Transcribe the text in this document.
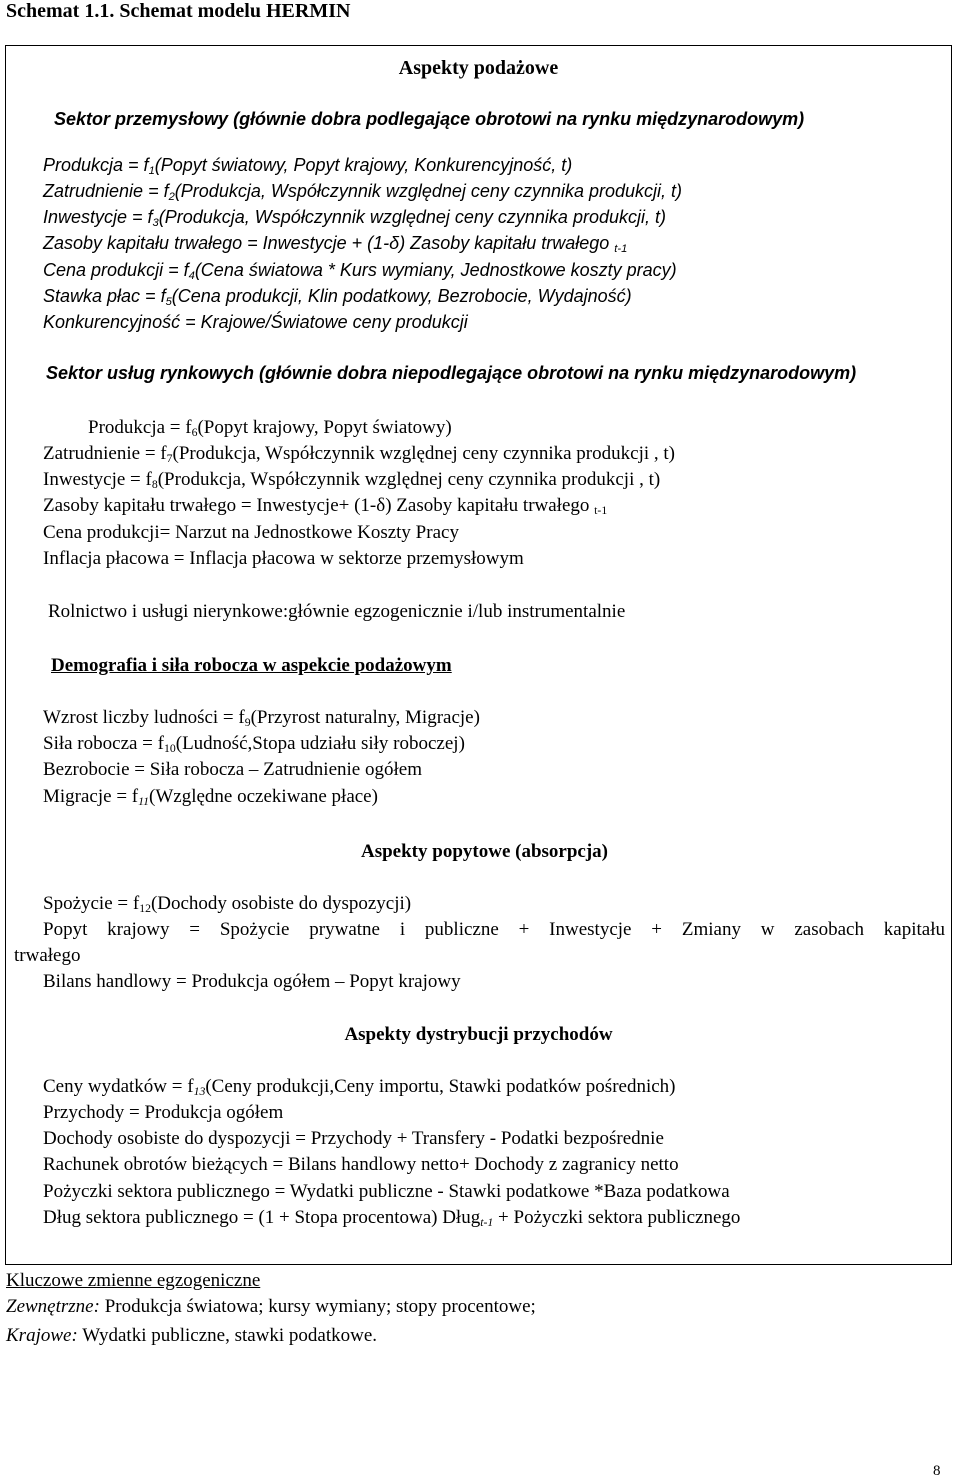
Schemat 1.1. Schemat modelu HERMIN
Aspekty podażowe
Sektor przemysłowy (głównie dobra podlegające obrotowi na rynku międzynarodowym)
Produkcja = $f_1(Popyt$ światowy, Popyt krajowy, Konkurencyjność, t)
Zatrudnienie = $f_2(Produkcja$, Współczynnik względnej ceny czynnika produkcji, t)
Inwestycje = $f_3(Produkcja$, Współczynnik względnej ceny czynnika produkcji, t)
Zasoby kapitału trwałego = Inwestycje + (1-δ) Zasoby kapitału trwałego $_{t-1}$
Cena produkcji = $f_4(Cena$ światowa * Kurs wymiany, Jednostkowe koszty pracy)
Stawka płac = $f_5(Cena$ produkcji, Klin podatkowy, Bezrobocie, Wydajność)
Konkurencyjność = Krajowe/Światowe ceny produkcji
Sektor usług rynkowych (głównie dobra niepodlegające obrotowi na rynku międzynarodowym)
Produkcja = $f_6(Popyt$ krajowy, Popyt światowy)
Zatrudnienie = $f_7(Produkcja$, Współczynnik względnej ceny czynnika produkcji , t)
Inwestycje = $f_8(Produkcja$, Współczynnik względnej ceny czynnika produkcji , t)
Zasoby kapitału trwałego = Inwestycje+ (1-δ) Zasoby kapitału trwałego $_{t-1}$
Cena produkcji= Narzut na Jednostkowe Koszty Pracy
Inflacja płacowa = Inflacja płacowa w sektorze przemysłowym
Rolnictwo i usługi nierynkowe:głównie egzogenicznie i/lub instrumentalnie
Demografia i siła robocza w aspekcie podażowym
Wzrost liczby ludności = $f_9(Przyrost$ naturalny, Migracje)
Siła robocza = $f_{10}(Ludność,Stopa$ udziału siły roboczej)
Bezrobocie = Siła robocza – Zatrudnienie ogółem
Migracje = $f_{11}(Względne$ oczekiwane płace)
Aspekty popytowe (absorpcja)
Spożycie = $f_{12}(Dochody$ osobiste do dyspozycji)
Popyt krajowy = Spożycie prywatne i publiczne + Inwestycje + Zmiany w zasobach kapitału
trwałego
Bilans handlowy = Produkcja ogółem – Popyt krajowy
Aspekty dystrybucji przychodów
Ceny wydatków = $f_{13}(Ceny$ produkcji,Ceny importu, Stawki podatków pośrednich)
Przychody = Produkcja ogółem
Dochody osobiste do dyspozycji = Przychody + Transfery - Podatki bezpośrednie
Rachunek obrotów bieżących = Bilans handlowy netto+ Dochody z zagranicy netto
Pożyczki sektora publicznego = Wydatki publiczne - Stawki podatkowe *Baza podatkowa
Dług sektora publicznego = (1 + Stopa procentowa) Dług$_{t-1}$ + Pożyczki sektora publicznego
Kluczowe zmienne egzogeniczne
Zewnętrzne: Produkcja światowa; kursy wymiany; stopy procentowe;
Krajowe: Wydatki publiczne, stawki podatkowe.
8
